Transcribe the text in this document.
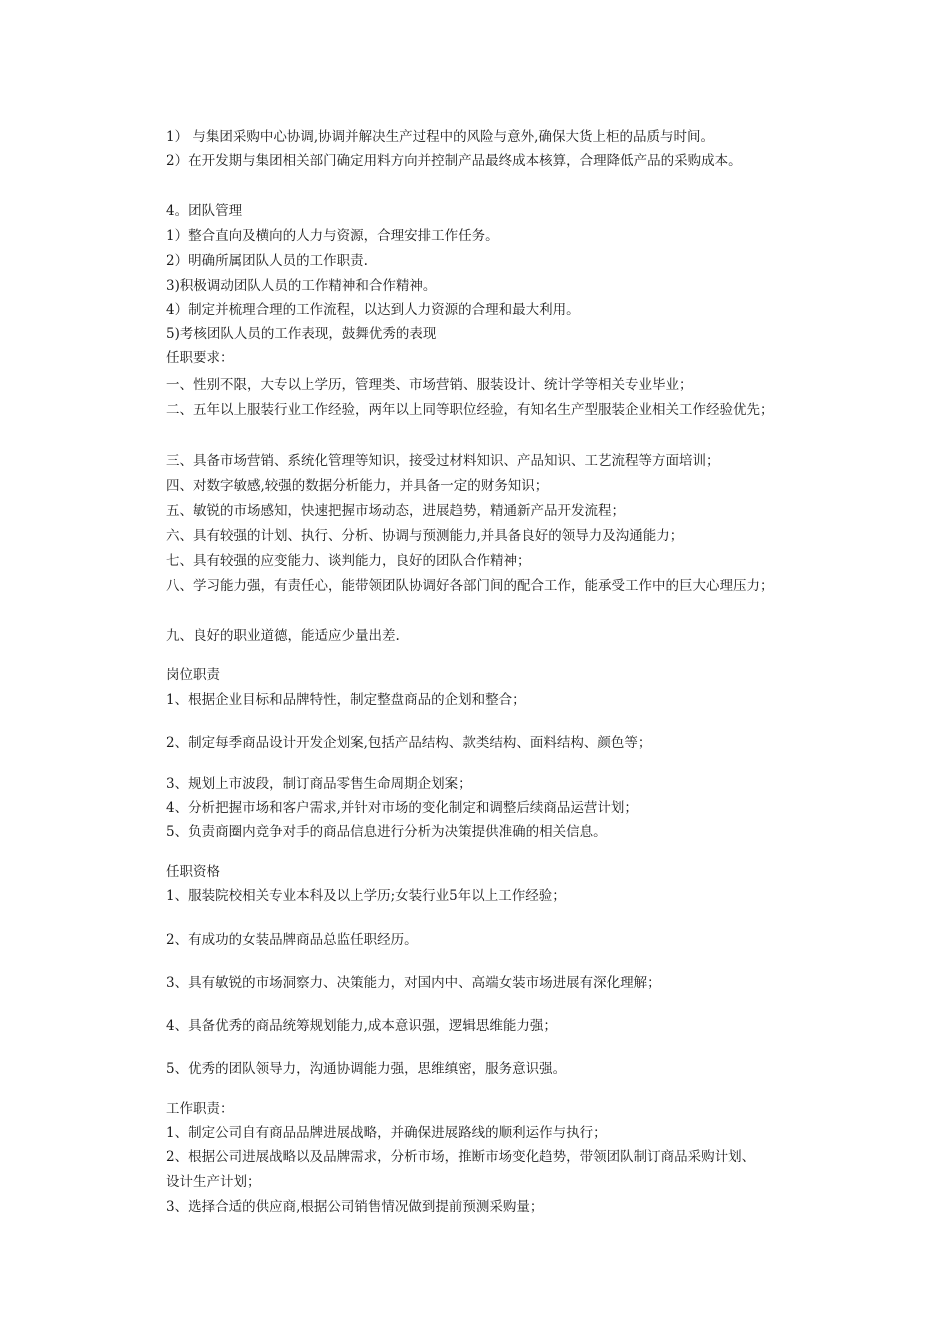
1） 与集团采购中心协调,协调并解决生产过程中的风险与意外,确保大货上柜的品质与时间。
2）在开发期与集团相关部门确定用料方向并控制产品最终成本核算，合理降低产品的采购成本。
4。团队管理
1）整合直向及横向的人力与资源，合理安排工作任务。
2）明确所属团队人员的工作职责.
3)积极调动团队人员的工作精神和合作精神。
4）制定并梳理合理的工作流程，以达到人力资源的合理和最大利用。
5)考核团队人员的工作表现，鼓舞优秀的表现
任职要求：
一、性别不限，大专以上学历，管理类、市场营销、服装设计、统计学等相关专业毕业；
二、五年以上服装行业工作经验，两年以上同等职位经验，有知名生产型服装企业相关工作经验优先；
三、具备市场营销、系统化管理等知识，接受过材料知识、产品知识、工艺流程等方面培训；
四、对数字敏感,较强的数据分析能力，并具备一定的财务知识；
五、敏锐的市场感知，快速把握市场动态，进展趋势，精通新产品开发流程；
六、具有较强的计划、执行、分析、协调与预测能力,并具备良好的领导力及沟通能力；
七、具有较强的应变能力、谈判能力，良好的团队合作精神；
八、学习能力强，有责任心，能带领团队协调好各部门间的配合工作，能承受工作中的巨大心理压力；
九、良好的职业道德，能适应少量出差.
岗位职责
1、根据企业目标和品牌特性，制定整盘商品的企划和整合；
2、制定每季商品设计开发企划案,包括产品结构、款类结构、面料结构、颜色等；
3、规划上市波段，制订商品零售生命周期企划案；
4、分析把握市场和客户需求,并针对市场的变化制定和调整后续商品运营计划；
5、负责商圈内竞争对手的商品信息进行分析为决策提供准确的相关信息。
任职资格
1、服装院校相关专业本科及以上学历;女装行业5年以上工作经验；
2、有成功的女装品牌商品总监任职经历。
3、具有敏锐的市场洞察力、决策能力，对国内中、高端女装市场进展有深化理解；
4、具备优秀的商品统筹规划能力,成本意识强，逻辑思维能力强；
5、优秀的团队领导力，沟通协调能力强，思维缜密，服务意识强。
工作职责：
1、制定公司自有商品品牌进展战略，并确保进展路线的顺利运作与执行；
2、根据公司进展战略以及品牌需求，分析市场，推断市场变化趋势，带领团队制订商品采购计划、
设计生产计划；
3、选择合适的供应商,根据公司销售情况做到提前预测采购量；
